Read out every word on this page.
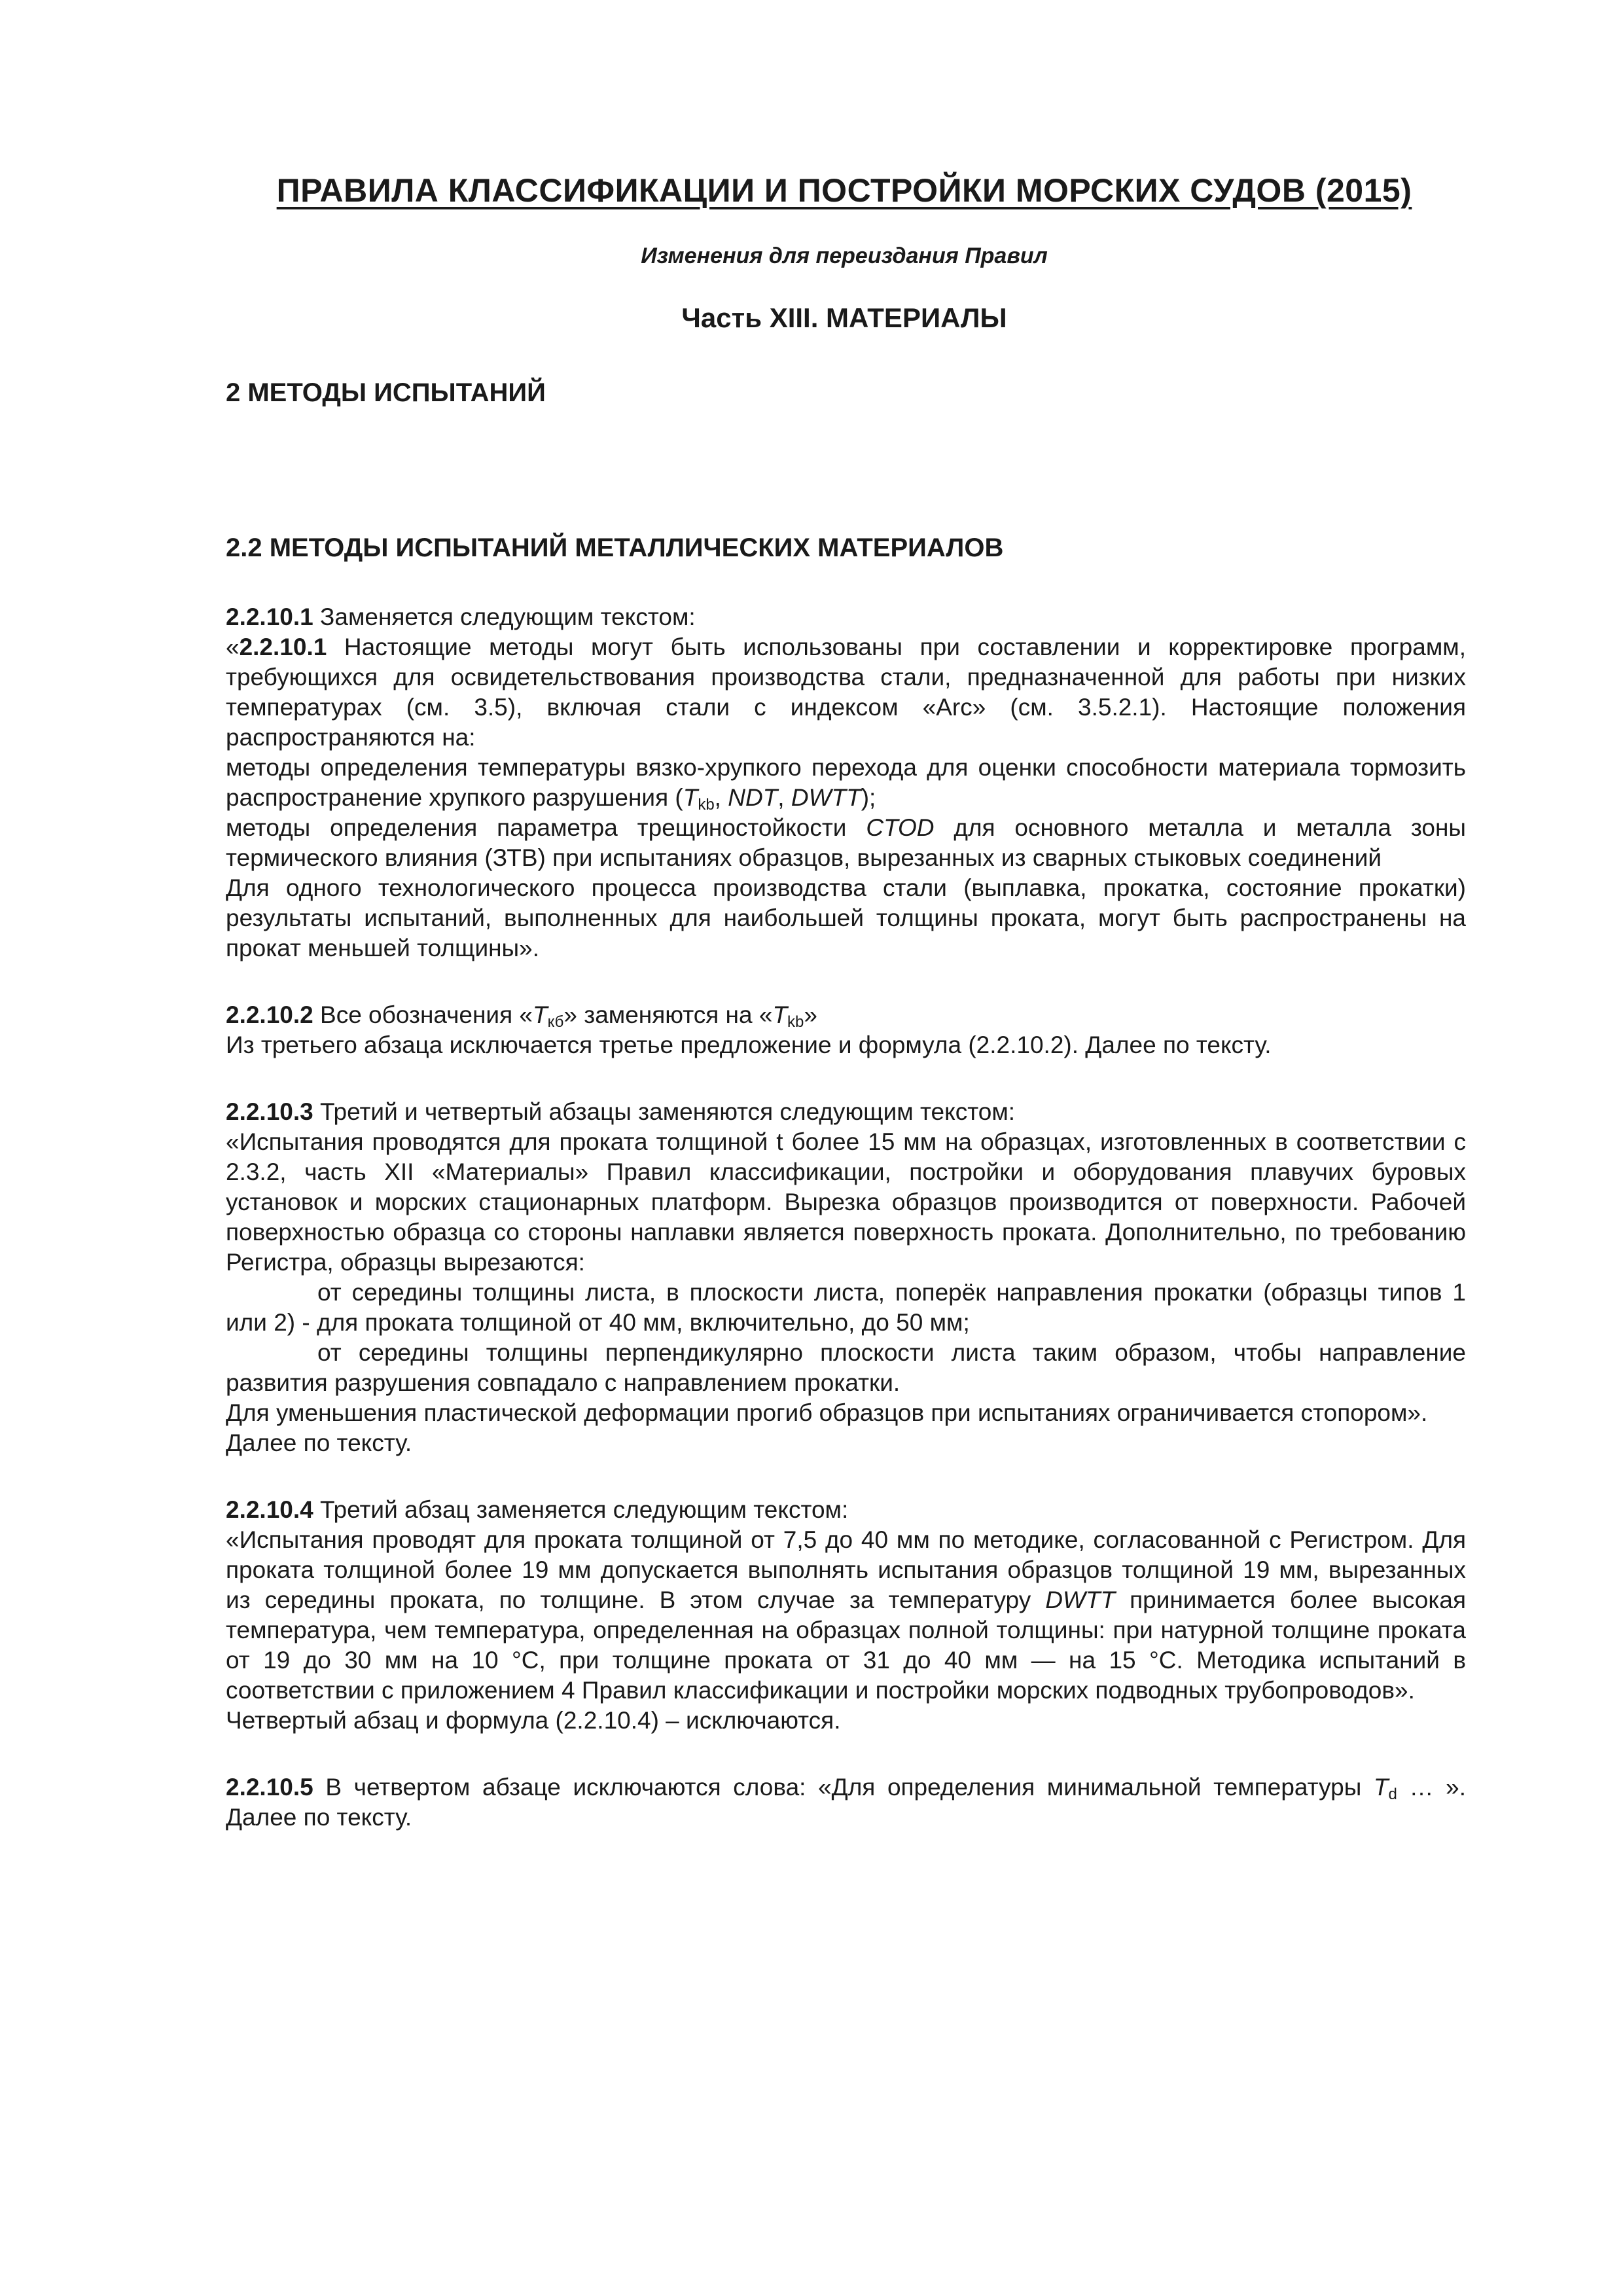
ПРАВИЛА КЛАССИФИКАЦИИ И ПОСТРОЙКИ МОРСКИХ СУДОВ (2015)
Изменения для переиздания Правил
Часть XIII. МАТЕРИАЛЫ
2 МЕТОДЫ ИСПЫТАНИЙ
2.2 МЕТОДЫ ИСПЫТАНИЙ МЕТАЛЛИЧЕСКИХ МАТЕРИАЛОВ

2.2.10.1 Заменяется следующим текстом:

«2.2.10.1 Настоящие методы могут быть использованы при составлении и корректировке программ, требующихся для освидетельствования производства стали, предназначенной для работы при низких температурах (см. 3.5), включая стали с индексом «Arc» (см. 3.5.2.1). Настоящие положения распространяются на:

методы определения температуры вязко-хрупкого перехода для оценки способности материала тормозить распространение хрупкого разрушения ($T_{kb}$, NDT, DWTT);

методы определения параметра трещиностойкости CTOD для основного металла и металла зоны термического влияния (ЗТВ) при испытаниях образцов, вырезанных из сварных стыковых соединений

Для одного технологического процесса производства стали (выплавка, прокатка, состояние прокатки) результаты испытаний, выполненных для наибольшей толщины проката, могут быть распространены на прокат меньшей толщины».

2.2.10.2 Все обозначения «$T_{кб}$» заменяются на «$T_{kb}$»

Из третьего абзаца исключается третье предложение и формула (2.2.10.2). Далее по тексту.

2.2.10.3 Третий и четвертый абзацы заменяются следующим текстом:

«Испытания проводятся для проката толщиной t более 15 мм на образцах, изготовленных в соответствии с 2.3.2, часть XII «Материалы» Правил классификации, постройки и оборудования плавучих буровых установок и морских стационарных платформ. Вырезка образцов производится от поверхности. Рабочей поверхностью образца со стороны наплавки является поверхность проката. Дополнительно, по требованию Регистра, образцы вырезаются:

от середины толщины листа, в плоскости листа, поперёк направления прокатки (образцы типов 1 или 2) - для проката толщиной от 40 мм, включительно, до 50 мм;

от середины толщины перпендикулярно плоскости листа таким образом, чтобы направление развития разрушения совпадало с направлением прокатки.

Для уменьшения пластической деформации прогиб образцов при испытаниях ограничивается стопором».

Далее по тексту.

2.2.10.4 Третий абзац заменяется следующим текстом:

«Испытания проводят для проката толщиной от 7,5 до 40 мм по методике, согласованной с Регистром. Для проката толщиной более 19 мм допускается выполнять испытания образцов толщиной 19 мм, вырезанных из середины проката, по толщине. В этом случае за температуру DWTT принимается более высокая температура, чем температура, определенная на образцах полной толщины: при натурной толщине проката от 19 до 30 мм на 10 °С, при толщине проката от 31 до 40 мм — на 15 °С. Методика испытаний в соответствии с приложением 4 Правил классификации и постройки морских подводных трубопроводов».

Четвертый абзац и формула (2.2.10.4) – исключаются.

2.2.10.5 В четвертом абзаце исключаются слова: «Для определения минимальной температуры $T_d$ … ». Далее по тексту.
